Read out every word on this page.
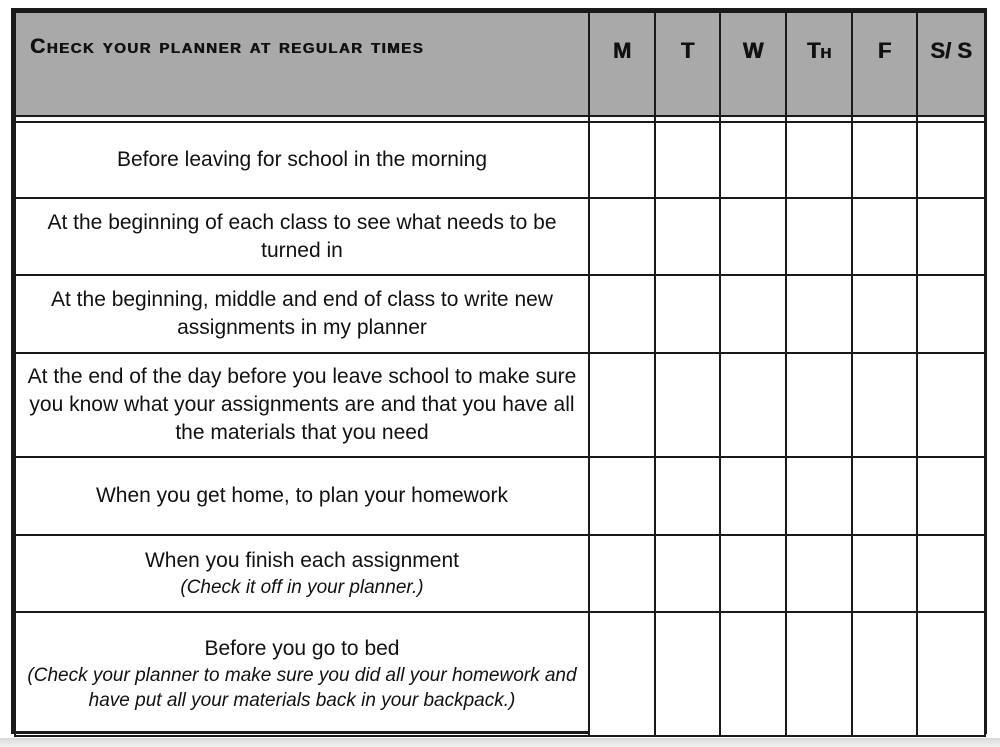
Check your planner at regular times	M	T	W	Th	F	S/ S

Before leaving for school in the morning						
At the beginning of each class to see what needs to be turned in						
At the beginning, middle and end of class to write new assignments in my planner						
At the end of the day before you leave school to make sure you know what your assignments are and that you have all the materials that you need						
When you get home, to plan your homework						
When you finish each assignment
(Check it off in your planner.)						

Before you go to bed
(Check your planner to make sure you did all your homework and have put all your materials back in your backpack.)						
